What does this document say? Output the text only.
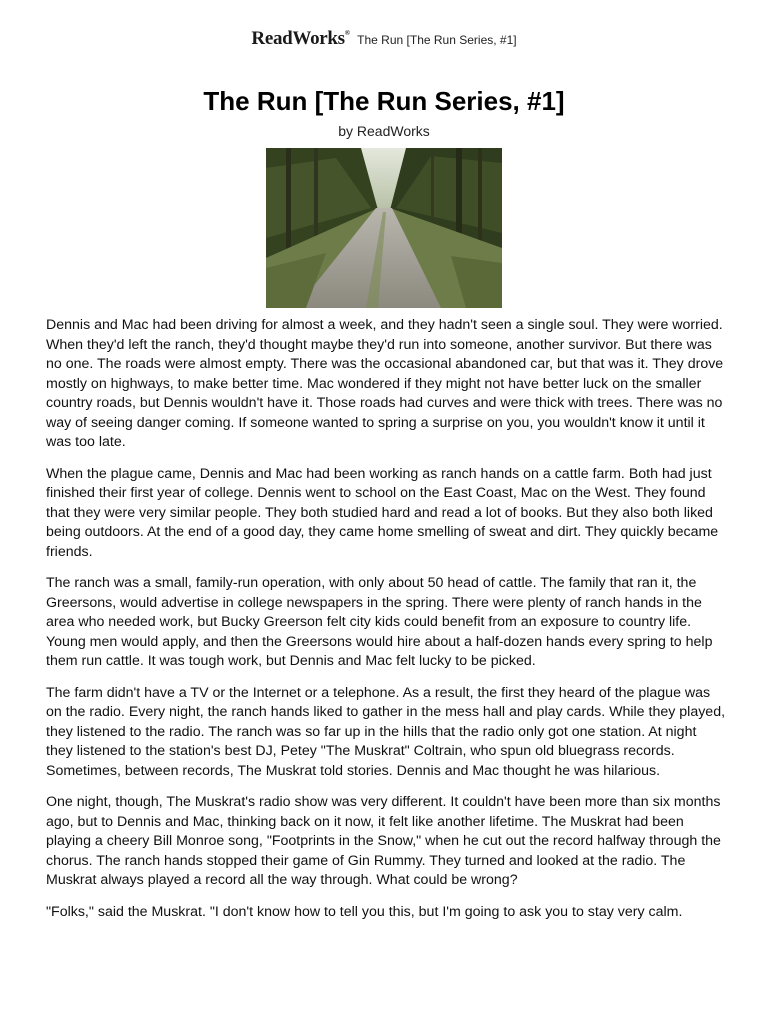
ReadWorks® The Run [The Run Series, #1]
The Run [The Run Series, #1]

by ReadWorks

Dennis and Mac had been driving for almost a week, and they hadn't seen a single soul. They were worried. When they'd left the ranch, they'd thought maybe they'd run into someone, another survivor. But there was no one. The roads were almost empty. There was the occasional abandoned car, but that was it. They drove mostly on highways, to make better time. Mac wondered if they might not have better luck on the smaller country roads, but Dennis wouldn't have it. Those roads had curves and were thick with trees. There was no way of seeing danger coming. If someone wanted to spring a surprise on you, you wouldn't know it until it was too late.

When the plague came, Dennis and Mac had been working as ranch hands on a cattle farm. Both had just finished their first year of college. Dennis went to school on the East Coast, Mac on the West. They found that they were very similar people. They both studied hard and read a lot of books. But they also both liked being outdoors. At the end of a good day, they came home smelling of sweat and dirt. They quickly became friends.

The ranch was a small, family-run operation, with only about 50 head of cattle. The family that ran it, the Greersons, would advertise in college newspapers in the spring. There were plenty of ranch hands in the area who needed work, but Bucky Greerson felt city kids could benefit from an exposure to country life. Young men would apply, and then the Greersons would hire about a half-dozen hands every spring to help them run cattle. It was tough work, but Dennis and Mac felt lucky to be picked.

The farm didn't have a TV or the Internet or a telephone. As a result, the first they heard of the plague was on the radio. Every night, the ranch hands liked to gather in the mess hall and play cards. While they played, they listened to the radio. The ranch was so far up in the hills that the radio only got one station. At night they listened to the station's best DJ, Petey "The Muskrat" Coltrain, who spun old bluegrass records. Sometimes, between records, The Muskrat told stories. Dennis and Mac thought he was hilarious.

One night, though, The Muskrat's radio show was very different. It couldn't have been more than six months ago, but to Dennis and Mac, thinking back on it now, it felt like another lifetime. The Muskrat had been playing a cheery Bill Monroe song, "Footprints in the Snow," when he cut out the record halfway through the chorus. The ranch hands stopped their game of Gin Rummy. They turned and looked at the radio. The Muskrat always played a record all the way through. What could be wrong?

"Folks," said the Muskrat. "I don't know how to tell you this, but I'm going to ask you to stay very calm.
